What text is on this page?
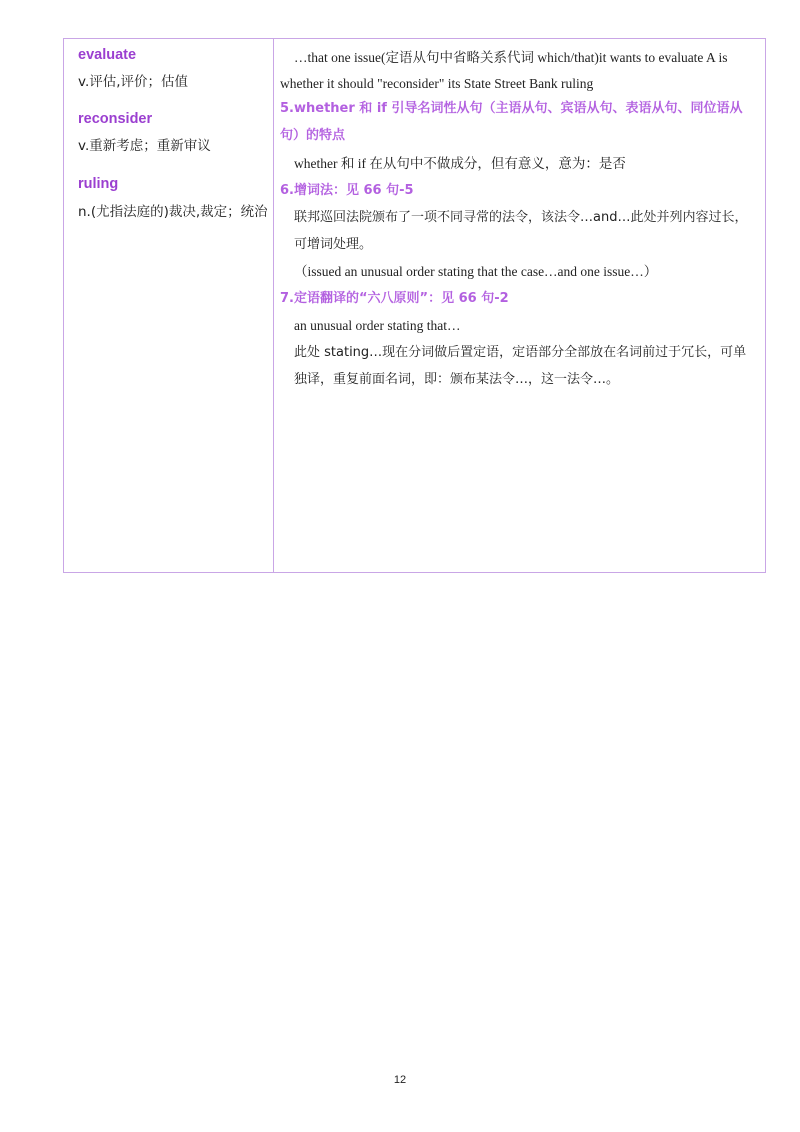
evaluate
v.评估,评价；估值
reconsider
v.重新考虑；重新审议
ruling
n.(尤指法庭的)裁决,裁定；统治
…that one issue(定语从句中省略关系代词 which/that)it wants to evaluate A is
whether it should "reconsider" its State Street Bank ruling
5.whether 和 if 引导名词性从句（主语从句、宾语从句、表语从句、同位语从句）的特点
whether 和 if 在从句中不做成分，但有意义，意为：是否
6.增词法：见 66 句-5
联邦巡回法院颁布了一项不同寻常的法令，该法令…and…此处并列内容过长，可增词处理。
（issued an unusual order stating that the case…and one issue…）
7.定语翻译的“六八原则”：见 66 句-2
an unusual order stating that…
此处 stating…现在分词做后置定语，定语部分全部放在名词前过于冗长，可单独译，重复前面名词，即：颁布某法令…，这一法令…。
12
